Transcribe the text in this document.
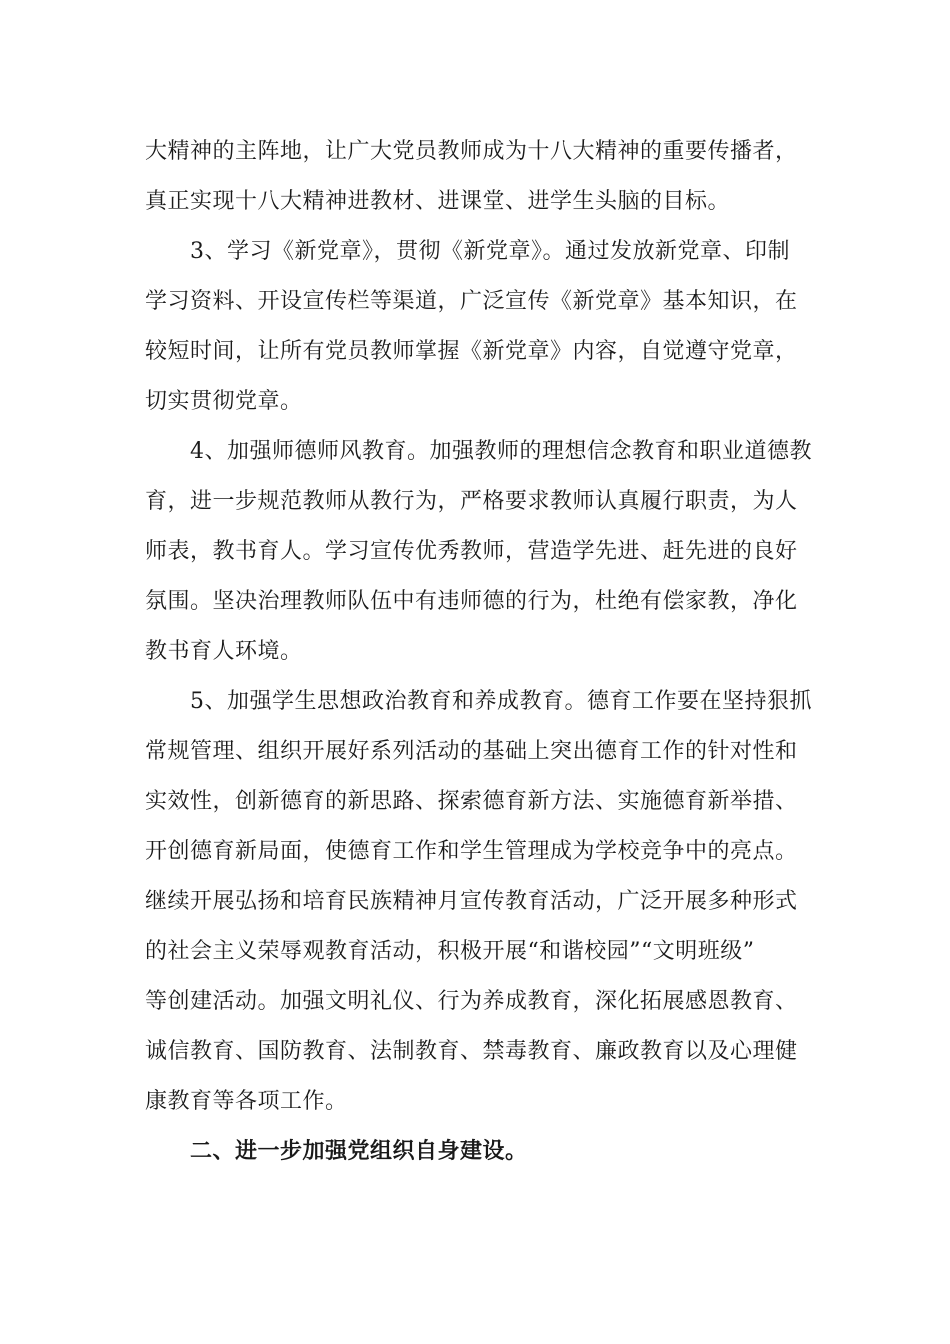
大精神的主阵地，让广大党员教师成为十八大精神的重要传播者，

真正实现十八大精神进教材、进课堂、进学生头脑的目标。

3、学习《新党章》，贯彻《新党章》。通过发放新党章、印制

学习资料、开设宣传栏等渠道，广泛宣传《新党章》基本知识，在

较短时间，让所有党员教师掌握《新党章》内容，自觉遵守党章，

切实贯彻党章。

4、加强师德师风教育。加强教师的理想信念教育和职业道德教

育，进一步规范教师从教行为，严格要求教师认真履行职责，为人

师表，教书育人。学习宣传优秀教师，营造学先进、赶先进的良好

氛围。坚决治理教师队伍中有违师德的行为，杜绝有偿家教，净化

教书育人环境。

5、加强学生思想政治教育和养成教育。德育工作要在坚持狠抓

常规管理、组织开展好系列活动的基础上突出德育工作的针对性和

实效性，创新德育的新思路、探索德育新方法、实施德育新举措、

开创德育新局面，使德育工作和学生管理成为学校竞争中的亮点。

继续开展弘扬和培育民族精神月宣传教育活动，广泛开展多种形式

的社会主义荣辱观教育活动，积极开展“和谐校园”“文明班级”

等创建活动。加强文明礼仪、行为养成教育，深化拓展感恩教育、

诚信教育、国防教育、法制教育、禁毒教育、廉政教育以及心理健

康教育等各项工作。

二、进一步加强党组织自身建设。
